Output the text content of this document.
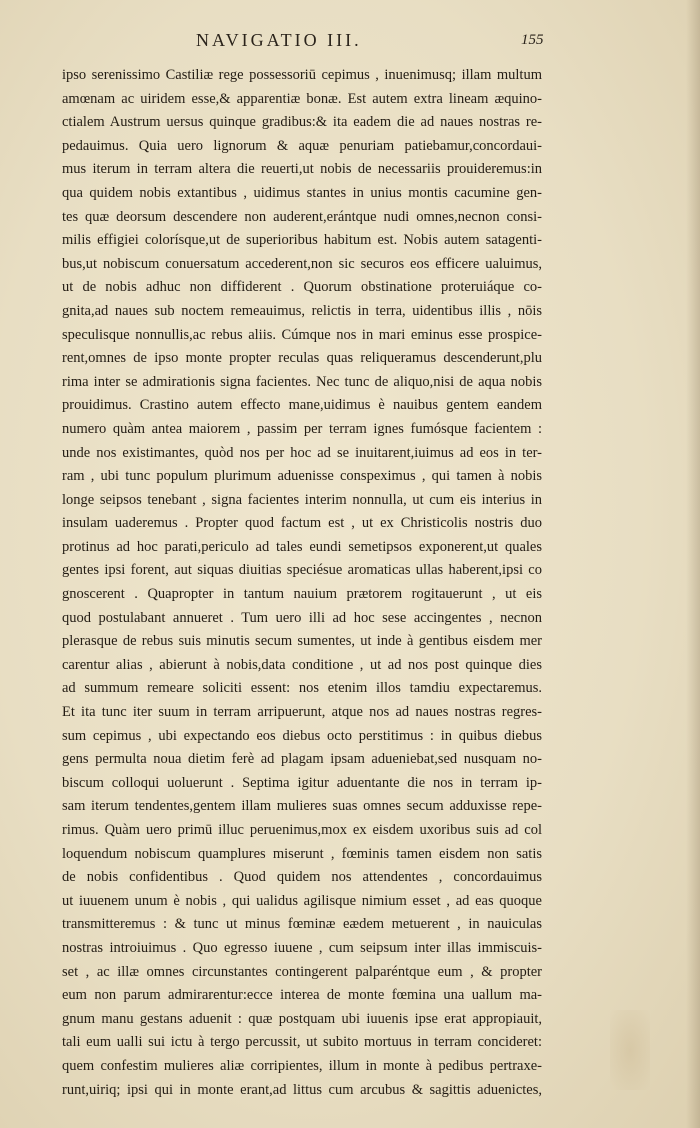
NAVIGATIO III.	155
ipso serenissimo Castiliæ rege possessoriū cepimus , inuenimusq; illam multum
amœnam ac uiridem esse,& apparentiæ bonæ. Est autem extra lineam æquino-
ctialem Austrum uersus quinque gradibus:& ita eadem die ad naues nostras re-
pedauimus. Quia uero lignorum & aquæ penuriam patiebamur,concordaui-
mus iterum in terram altera die reuerti,ut nobis de necessariis prouideremus:in
qua quidem nobis extantibus , uidimus stantes in unius montis cacumine gen-
tes quæ deorsum descendere non auderent,erántque nudi omnes,necnon consi-
milis effigiei colorísque,ut de superioribus habitum est. Nobis autem satagenti-
bus,ut nobiscum conuersatum accederent,non sic securos eos efficere ualuimus,
ut de nobis adhuc non diffiderent . Quorum obstinatione proteruiáque co-
gnita,ad naues sub noctem remeauimus, relictis in terra, uidentibus illis , nōis
speculisque nonnullis,ac rebus aliis. Cúmque nos in mari eminus esse prospice-
rent,omnes de ipso monte propter reculas quas reliqueramus descenderunt,plu
rima inter se admirationis signa facientes. Nec tunc de aliquo,nisi de aqua nobis
prouidimus. Crastino autem effecto mane,uidimus è nauibus gentem eandem
numero quàm antea maiorem , passim per terram ignes fumósque facientem :
unde nos existimantes, quòd nos per hoc ad se inuitarent,iuimus ad eos in ter-
ram , ubi tunc populum plurimum aduenisse conspeximus , qui tamen à nobis
longe seipsos tenebant , signa facientes interim nonnulla, ut cum eis interius in
insulam uaderemus . Propter quod factum est , ut ex Christicolis nostris duo
protinus ad hoc parati,periculo ad tales eundi semetipsos exponerent,ut quales
gentes ipsi forent, aut siquas diuitias speciésue aromaticas ullas haberent,ipsi co
gnoscerent . Quapropter in tantum nauium prætorem rogitauerunt , ut eis
quod postulabant annueret . Tum uero illi ad hoc sese accingentes , necnon
plerasque de rebus suis minutis secum sumentes, ut inde à gentibus eisdem mer
carentur alias , abierunt à nobis,data conditione , ut ad nos post quinque dies
ad summum remeare soliciti essent: nos etenim illos tamdiu expectaremus.
Et ita tunc iter suum in terram arripuerunt, atque nos ad naues nostras regres-
sum cepimus , ubi expectando eos diebus octo perstitimus : in quibus diebus
gens permulta noua dietim ferè ad plagam ipsam adueniebat,sed nusquam no-
biscum colloqui uoluerunt . Septima igitur aduentante die nos in terram ip-
sam iterum tendentes,gentem illam mulieres suas omnes secum adduxisse repe-
rimus. Quàm uero primū illuc peruenimus,mox ex eisdem uxoribus suis ad col
loquendum nobiscum quamplures miserunt , fœminis tamen eisdem non satis
de nobis confidentibus . Quod quidem nos attendentes , concordauimus
ut iuuenem unum è nobis , qui ualidus agilisque nimium esset , ad eas quoque
transmitteremus : & tunc ut minus fœminæ eædem metuerent , in nauiculas
nostras introiuimus . Quo egresso iuuene , cum seipsum inter illas immiscuis-
set , ac illæ omnes circunstantes contingerent palparéntque eum , & propter
eum non parum admirarentur:ecce interea de monte fœmina una uallum ma-
gnum manu gestans aduenit : quæ postquam ubi iuuenis ipse erat appropiauit,
tali eum ualli sui ictu à tergo percussit, ut subito mortuus in terram concideret:
quem confestim mulieres aliæ corripientes, illum in monte à pedibus pertraxe-
runt,uiriq; ipsi qui in monte erant,ad littus cum arcubus & sagittis aduenictes,
